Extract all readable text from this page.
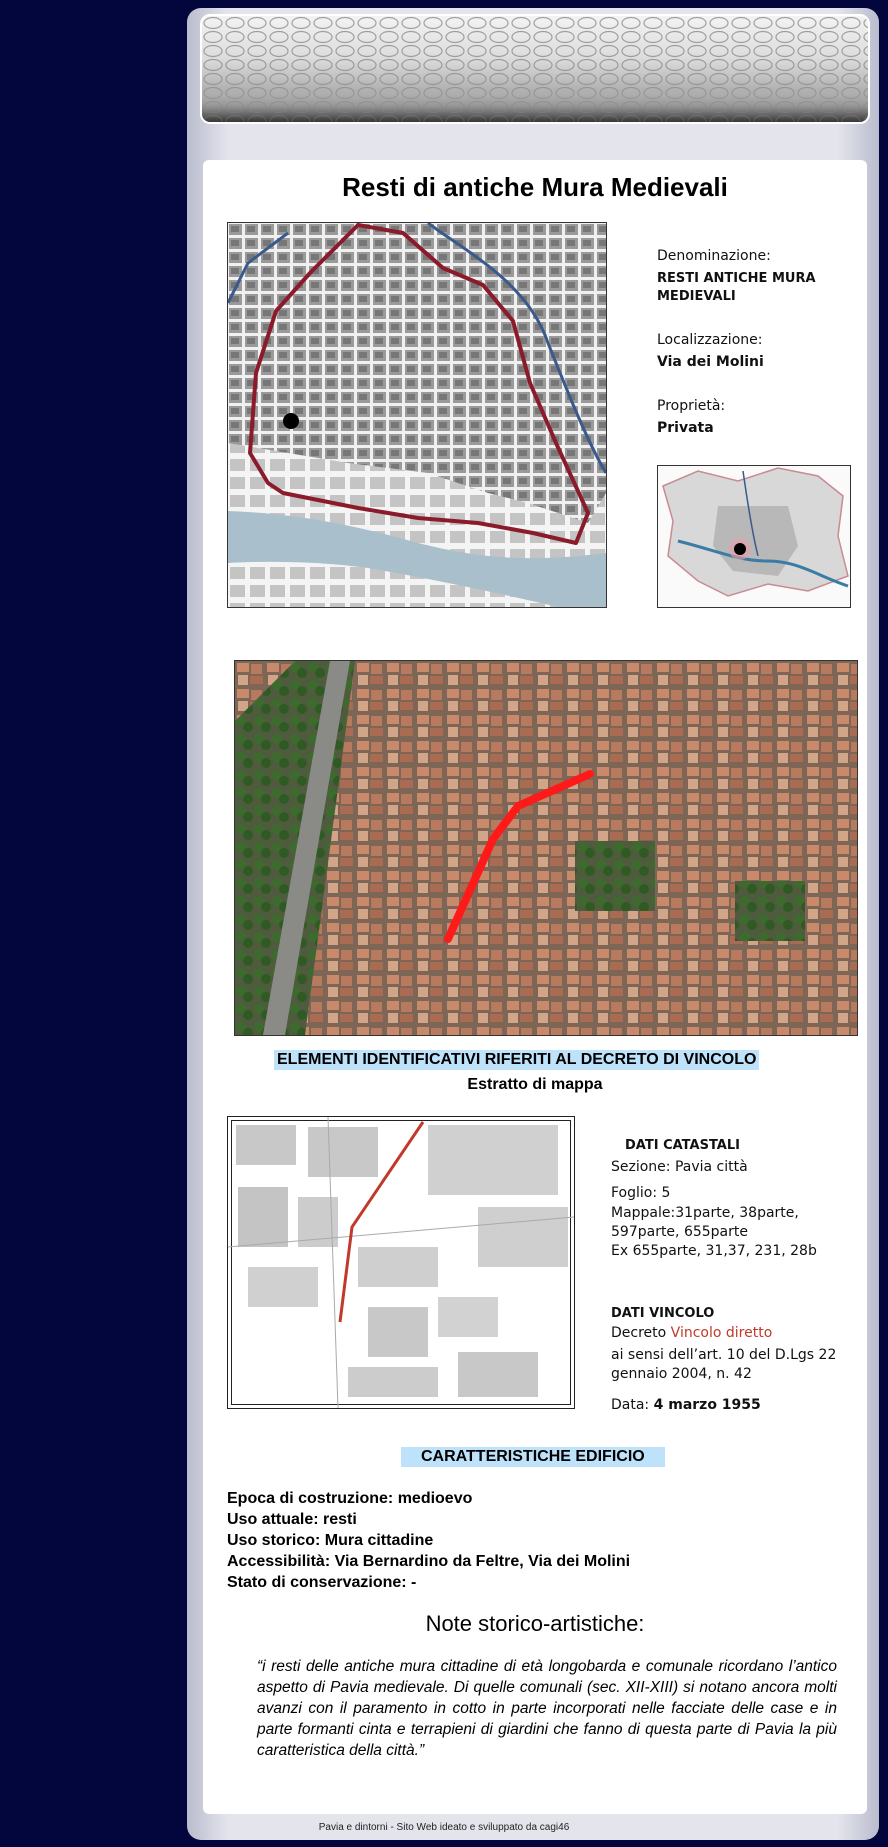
Resti di antiche Mura Medievali
Denominazione:
RESTI ANTICHE MURA MEDIEVALI
Localizzazione:
Via dei Molini
Proprietà:
Privata
ELEMENTI IDENTIFICATIVI RIFERITI AL DECRETO DI VINCOLO
Estratto di mappa
DATI CATASTALI
Sezione: Pavia città
Foglio: 5
Mappale:31parte, 38parte, 597parte, 655parte
Ex 655parte, 31,37, 231, 28b
DATI VINCOLO
Decreto Vincolo diretto
ai sensi dell’art. 10 del D.Lgs 22 gennaio 2004, n. 42
Data: 4 marzo 1955
CARATTERISTICHE EDIFICIO
Epoca di costruzione: medioevo
Uso attuale: resti
Uso storico: Mura cittadine
Accessibilità: Via Bernardino da Feltre, Via dei Molini
Stato di conservazione: -
Note storico-artistiche:
“i resti delle antiche mura cittadine di età longobarda e comunale ricordano l’antico aspetto di Pavia medievale. Di quelle comunali (sec. XII-XIII) si notano ancora molti avanzi con il paramento in cotto in parte incorporati nelle facciate delle case e in parte formanti cinta e terrapieni di giardini che fanno di questa parte di Pavia la più caratteristica della città.”
Pavia e dintorni - Sito Web ideato e sviluppato da cagi46
